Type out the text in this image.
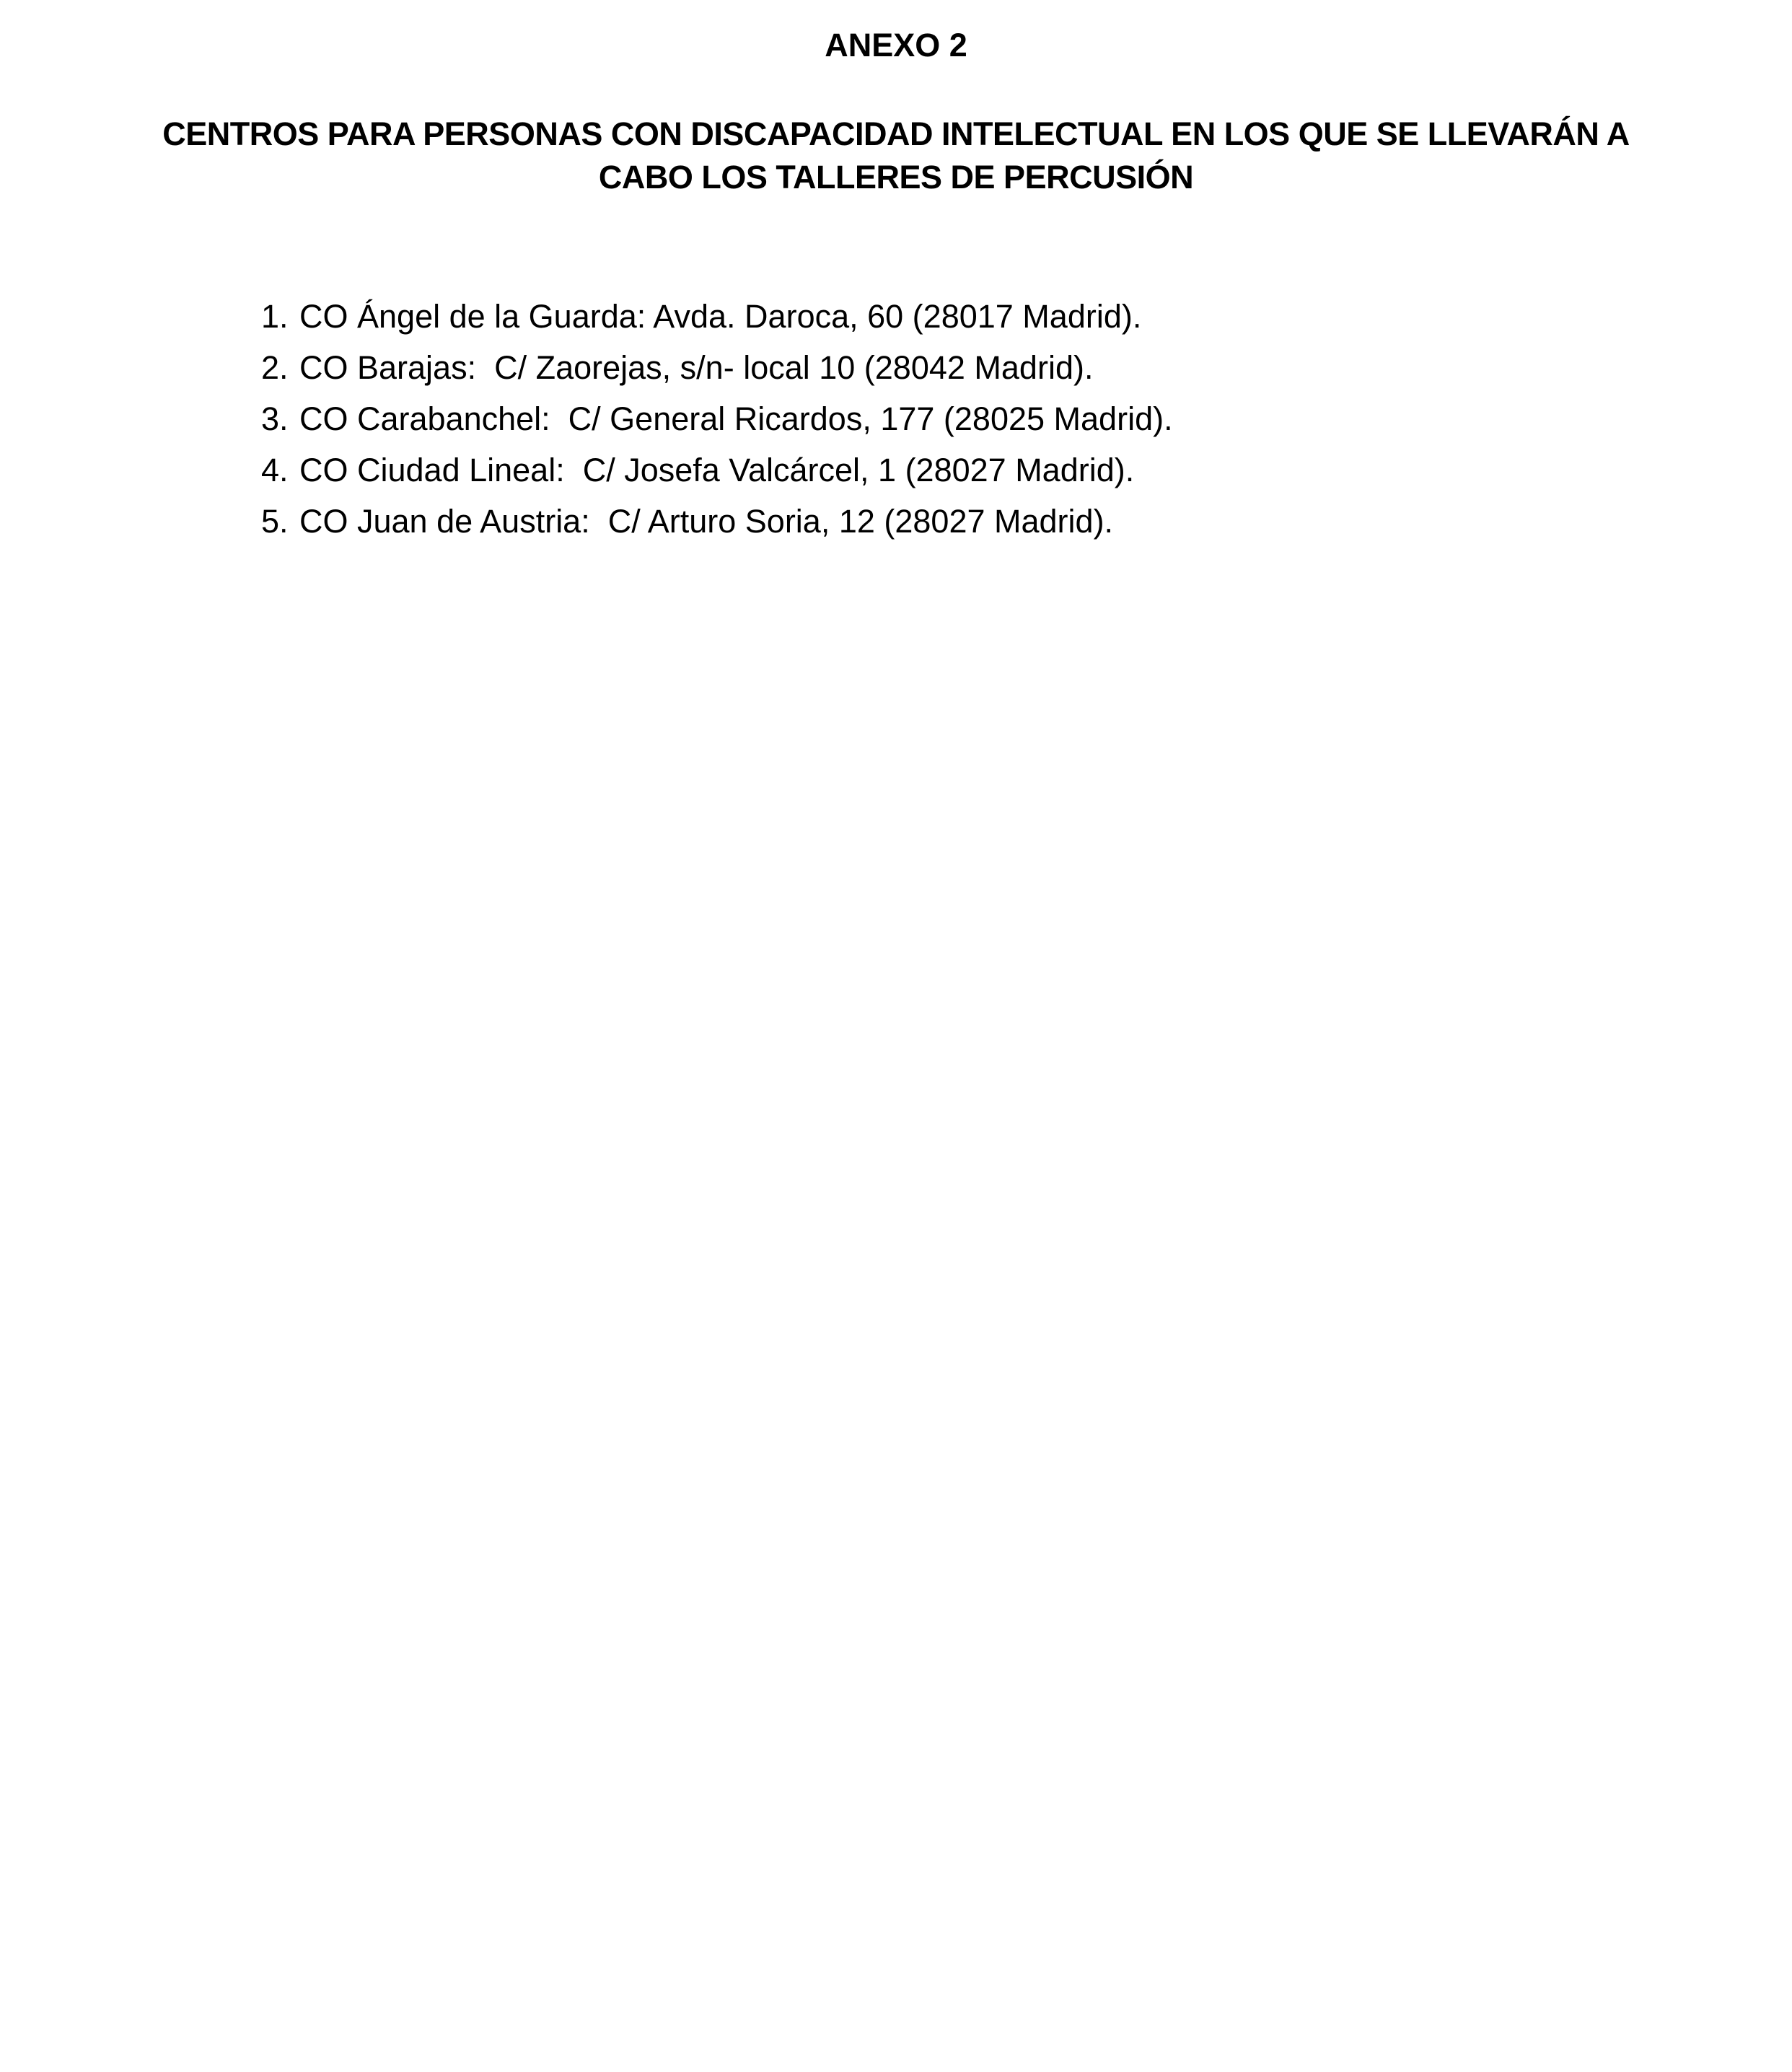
ANEXO 2
CENTROS PARA PERSONAS CON DISCAPACIDAD INTELECTUAL EN LOS QUE SE LLEVARÁN A
CABO LOS TALLERES DE PERCUSIÓN
1. CO Ángel de la Guarda: Avda. Daroca, 60 (28017 Madrid).
2. CO Barajas:  C/ Zaorejas, s/n- local 10 (28042 Madrid).
3. CO Carabanchel:  C/ General Ricardos, 177 (28025 Madrid).
4. CO Ciudad Lineal:  C/ Josefa Valcárcel, 1 (28027 Madrid).
5. CO Juan de Austria:  C/ Arturo Soria, 12 (28027 Madrid).
